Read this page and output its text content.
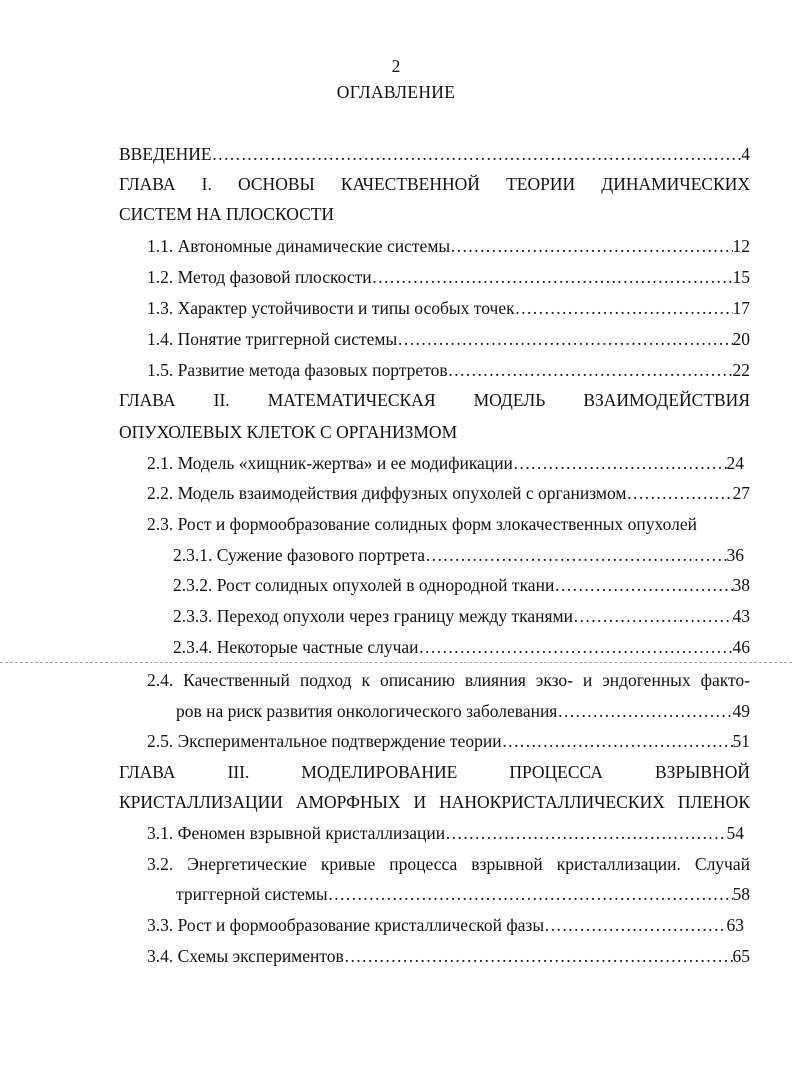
2
ОГЛАВЛЕНИЕ
ВВЕДЕНИЕ …………………………………………………………………………………………………………………………………………	4
ГЛАВА I. ОСНОВЫ КАЧЕСТВЕННОЙ ТЕОРИИ ДИНАМИЧЕСКИХ
СИСТЕМ НА ПЛОСКОСТИ
1.1. Автономные динамические системы …………………………………………………………………………………………………………………………………………	12
1.2. Метод фазовой плоскости …………………………………………………………………………………………………………………………………………	15
1.3. Характер устойчивости и типы особых точек …………………………………………………………………………………………………………………………………………	17
1.4. Понятие триггерной системы …………………………………………………………………………………………………………………………………………	20
1.5. Развитие метода фазовых портретов …………………………………………………………………………………………………………………………………………	22
ГЛАВА II. МАТЕМАТИЧЕСКАЯ МОДЕЛЬ ВЗАИМОДЕЙСТВИЯ
ОПУХОЛЕВЫХ КЛЕТОК С ОРГАНИЗМОМ
2.1. Модель «хищник-жертва» и ее модификации …………………………………………………………………………………………………………………………………………	24
2.2. Модель взаимодействия диффузных опухолей с организмом …………………………………………………………………………………………………………………………………………	27
2.3. Рост и формообразование солидных форм злокачественных опухолей
2.3.1. Сужение фазового портрета …………………………………………………………………………………………………………………………………………	36
2.3.2. Рост солидных опухолей в однородной ткани …………………………………………………………………………………………………………………………………………	38
2.3.3. Переход опухоли через границу между тканями …………………………………………………………………………………………………………………………………………	43
2.3.4. Некоторые частные случаи …………………………………………………………………………………………………………………………………………	46
2.4. Качественный подход к описанию влияния экзо- и эндогенных факто-
ров на риск развития онкологического заболевания …………………………………………………………………………………………………………………………………………	49
2.5. Экспериментальное подтверждение теории …………………………………………………………………………………………………………………………………………	51
ГЛАВА III. МОДЕЛИРОВАНИЕ ПРОЦЕССА ВЗРЫВНОЙ
КРИСТАЛЛИЗАЦИИ АМОРФНЫХ И НАНОКРИСТАЛЛИЧЕСКИХ ПЛЕНОК
3.1. Феномен взрывной кристаллизации …………………………………………………………………………………………………………………………………………	54
3.2. Энергетические кривые процесса взрывной кристаллизации. Случай
триггерной системы …………………………………………………………………………………………………………………………………………	58
3.3. Рост и формообразование кристаллической фазы …………………………………………………………………………………………………………………………………………	63
3.4. Схемы экспериментов …………………………………………………………………………………………………………………………………………	65
